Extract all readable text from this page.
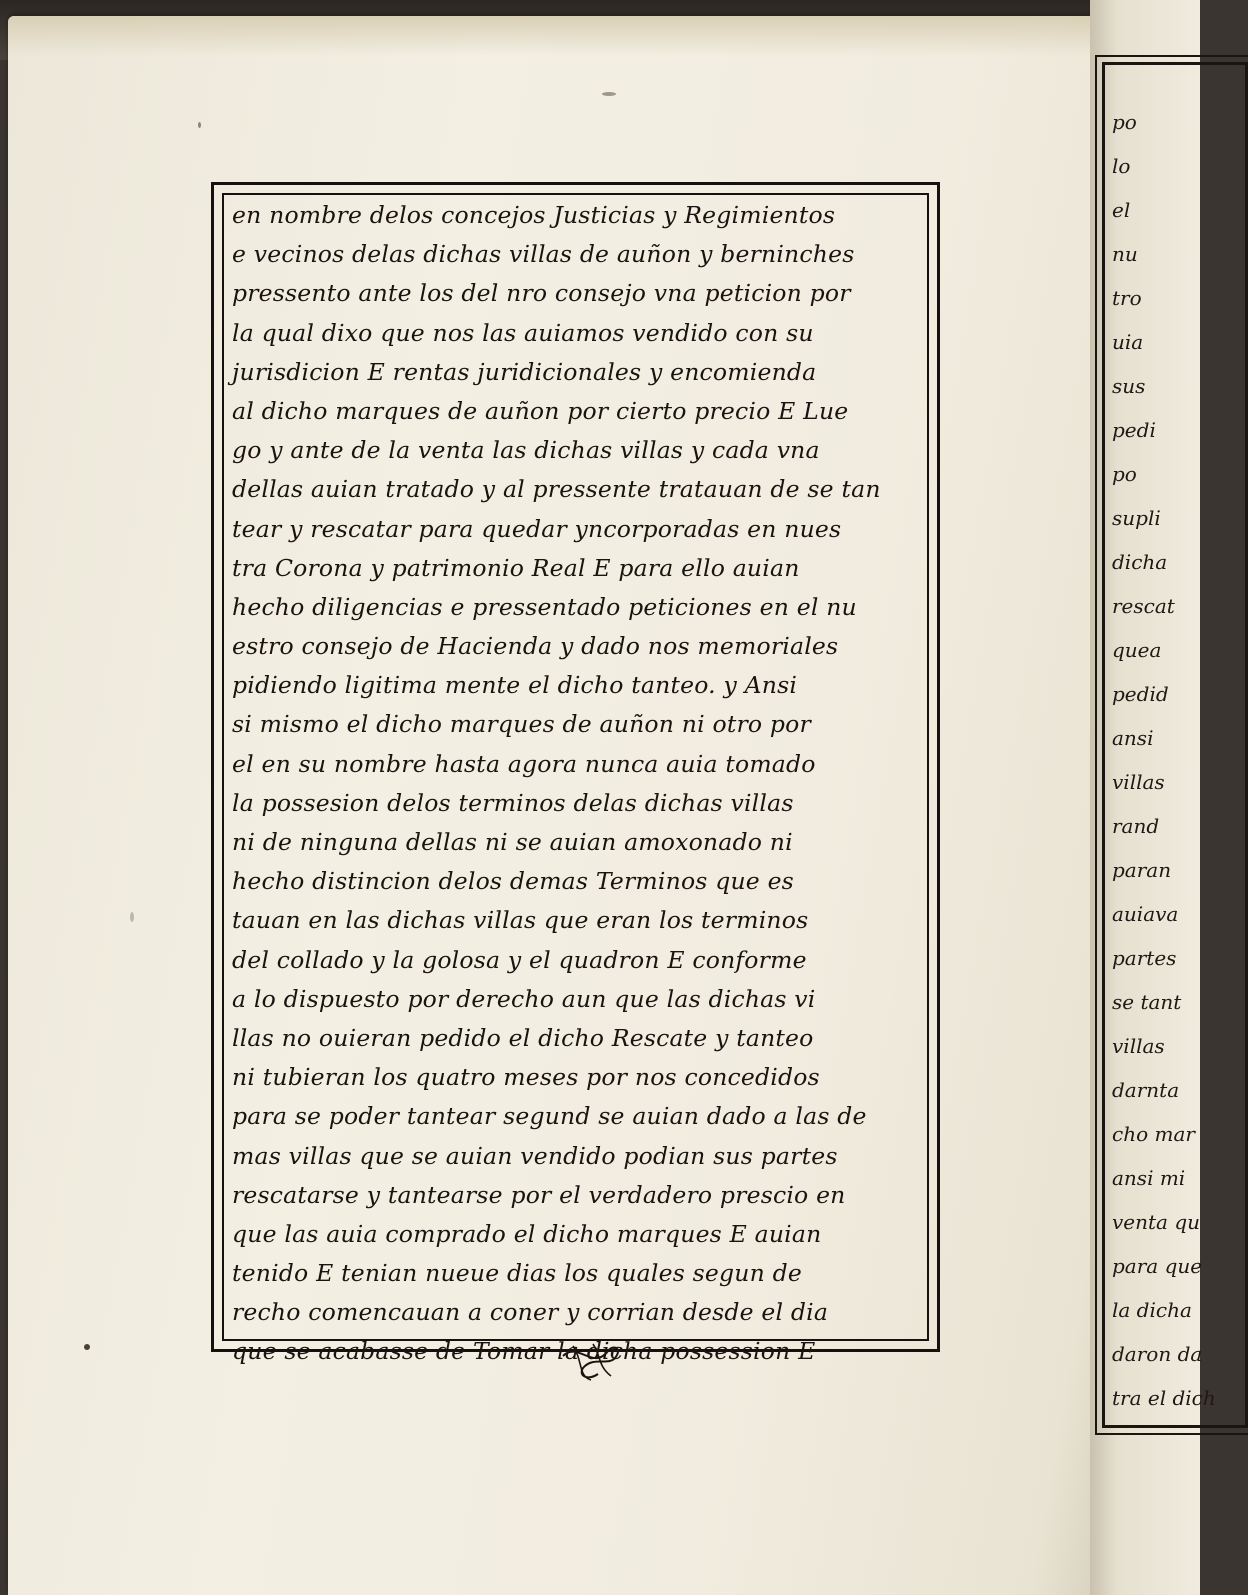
po
lo
el
nu
tro
uia
sus
pedi
po
supli
dicha
rescat
quea
pedid
ansi
villas
rand
paran
auiava
partes
se tant
villas
darnta
cho mar
ansi mi
venta qu
para que
la dicha
daron da
tra el dich
en nombre delos concejos Justicias y Regimientos
e vecinos delas dichas villas de auñon y berninches
pressento ante los del nro consejo vna peticion por
la qual dixo que nos las auiamos vendido con su
jurisdicion E rentas juridicionales y encomienda
al dicho marques de auñon por cierto precio E Lue
go y ante de la venta las dichas villas y cada vna
dellas auian tratado y al pressente tratauan de se tan
tear y rescatar para quedar yncorporadas en nues
tra Corona y patrimonio Real E para ello auian
hecho diligencias e pressentado peticiones en el nu
estro consejo de Hacienda y dado nos memoriales
pidiendo ligitima mente el dicho tanteo. y Ansi
si mismo el dicho marques de auñon ni otro por
el en su nombre hasta agora nunca auia tomado
la possesion delos terminos delas dichas villas
ni de ninguna dellas ni se auian amoxonado ni
hecho distincion delos demas Terminos que es
tauan en las dichas villas que eran los terminos
del collado y la golosa y el quadron E conforme
a lo dispuesto por derecho aun que las dichas vi
llas no ouieran pedido el dicho Rescate y tanteo
ni tubieran los quatro meses por nos concedidos
para se poder tantear segund se auian dado a las de
mas villas que se auian vendido podian sus partes
rescatarse y tantearse por el verdadero prescio en
que las auia comprado el dicho marques E auian
tenido E tenian nueue dias los quales segun de
recho comencauan a coner y corrian desde el dia
que se acabasse de Tomar la dicha possession E
